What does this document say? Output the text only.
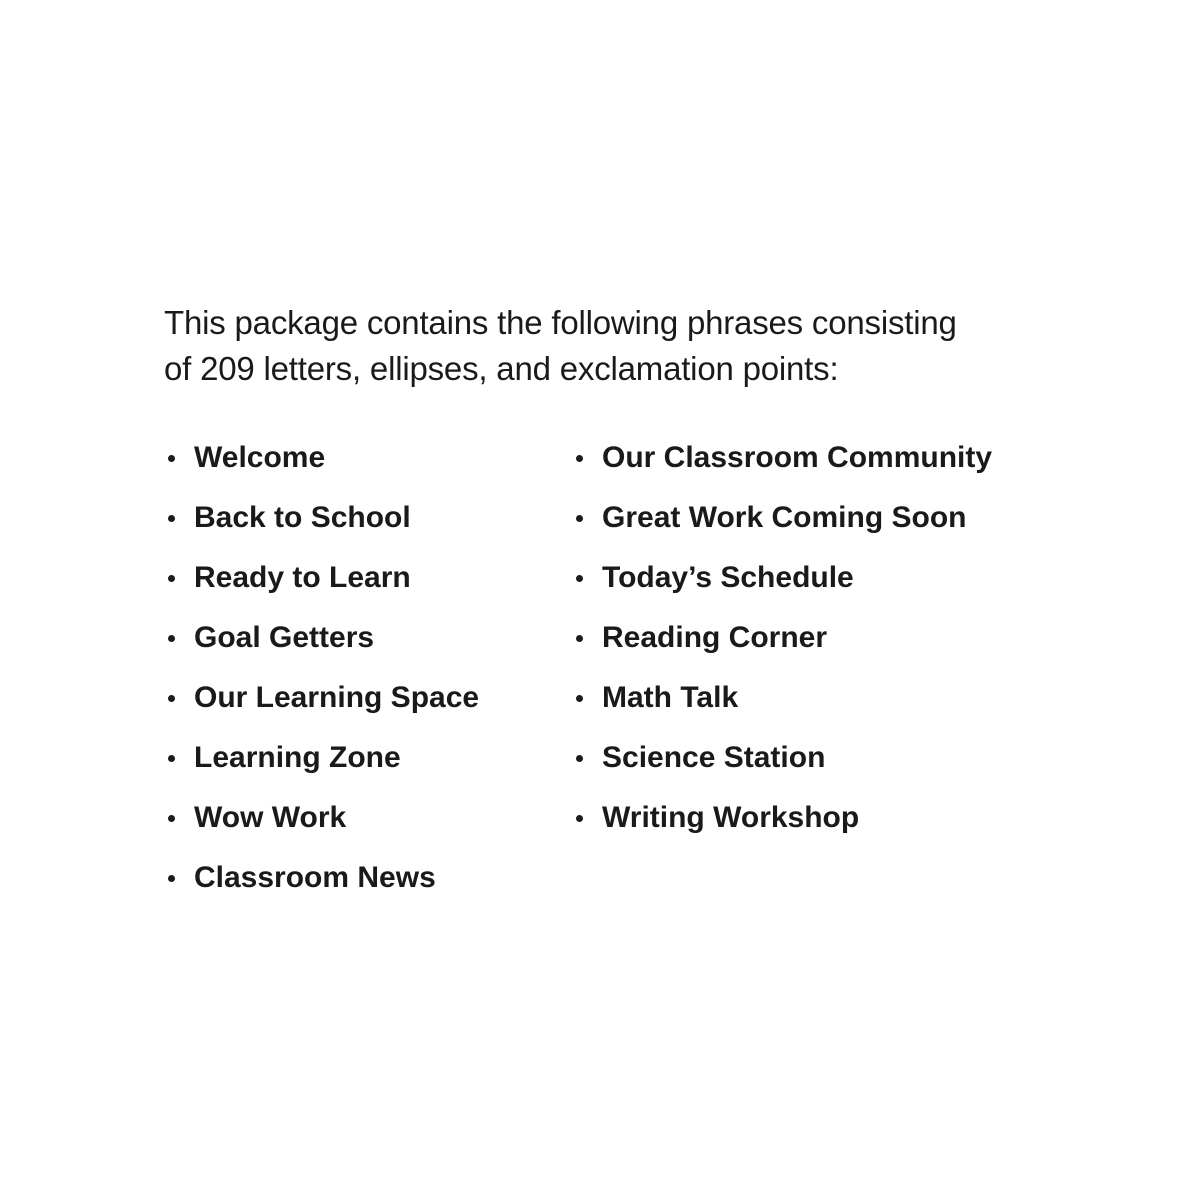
This package contains the following phrases consisting
of 209 letters, ellipses, and exclamation points:

Welcome
Back to School
Ready to Learn
Goal Getters
Our Learning Space
Learning Zone
Wow Work
Classroom News
Our Classroom Community
Great Work Coming Soon
Today’s Schedule
Reading Corner
Math Talk
Science Station
Writing Workshop
